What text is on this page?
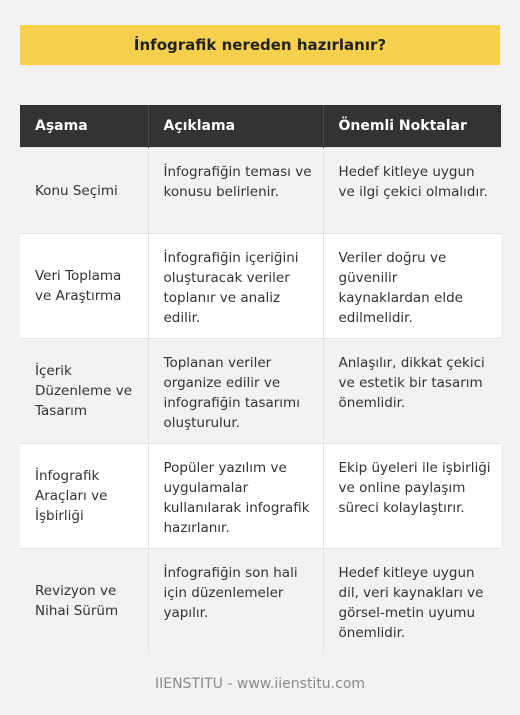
İnfografik nereden hazırlanır?
Aşama	Açıklama	Önemli Noktalar
Konu Seçimi	İnfografiğin teması ve konusu belirlenir.	Hedef kitleye uygun ve ilgi çekici olmalıdır.
Veri Toplama ve Araştırma	İnfografiğin içeriğini oluşturacak veriler toplanır ve analiz edilir.	Veriler doğru ve güvenilir kaynaklardan elde edilmelidir.
İçerik Düzenleme ve Tasarım	Toplanan veriler organize edilir ve infografiğin tasarımı oluşturulur.	Anlaşılır, dikkat çekici ve estetik bir tasarım önemlidir.
İnfografik Araçları ve İşbirliği	Popüler yazılım ve uygulamalar kullanılarak infografik hazırlanır.	Ekip üyeleri ile işbirliği ve online paylaşım süreci kolaylaştırır.
Revizyon ve Nihai Sürüm	İnfografiğin son hali için düzenlemeler yapılır.	Hedef kitleye uygun dil, veri kaynakları ve görsel-metin uyumu önemlidir.
IIENSTITU - www.iienstitu.com
